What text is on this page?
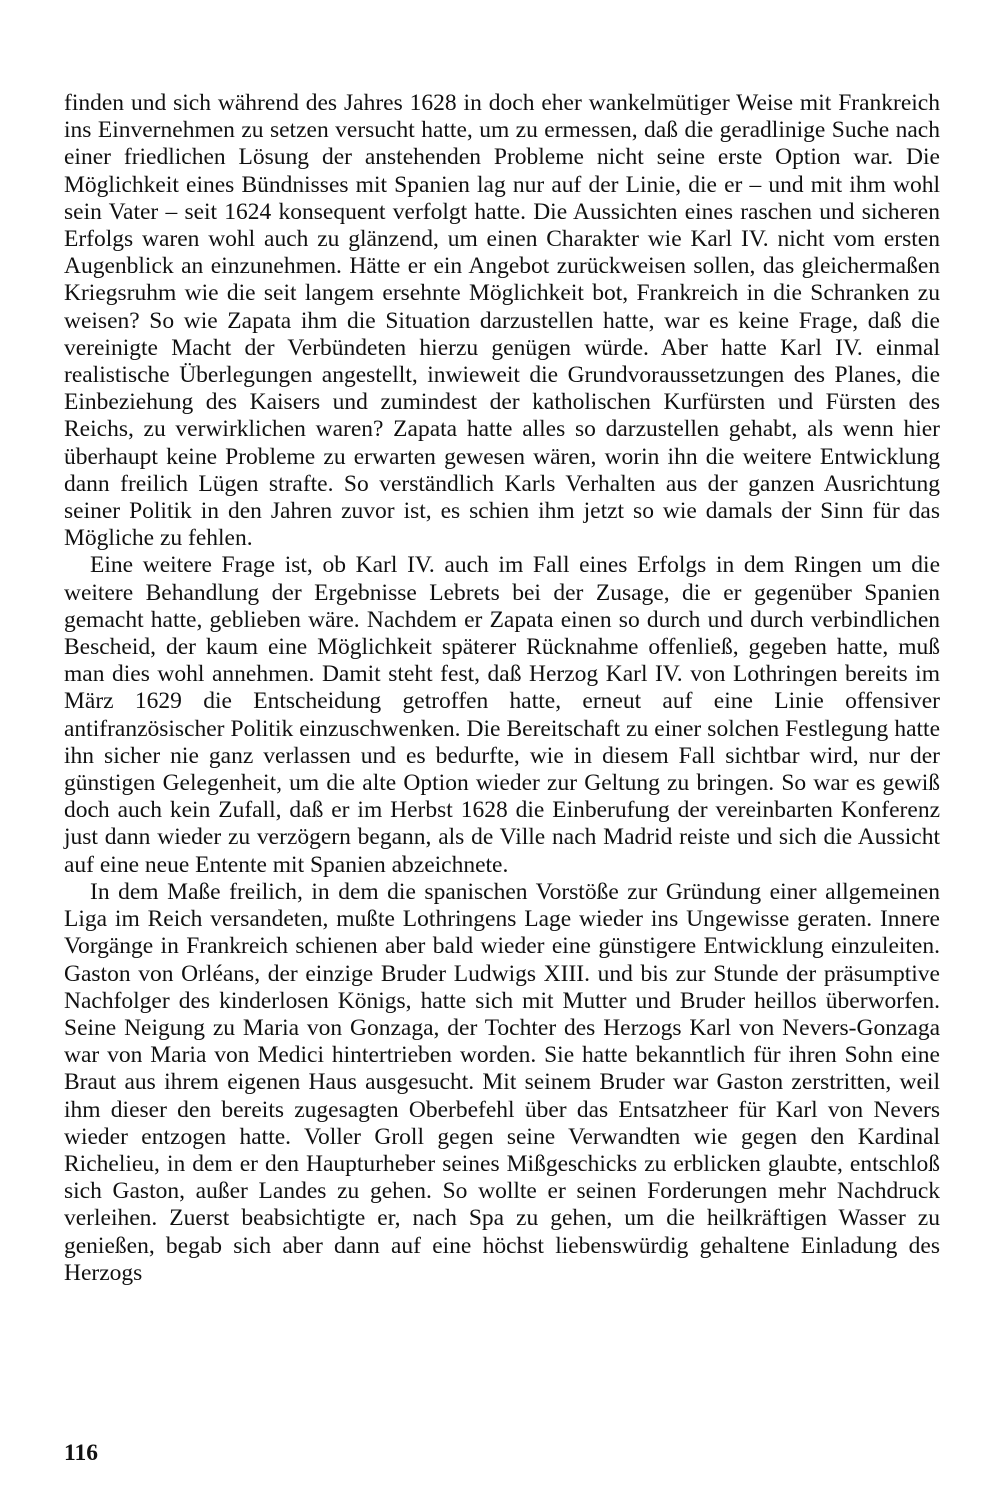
finden und sich während des Jahres 1628 in doch eher wankelmütiger Weise mit Frankreich ins Einvernehmen zu setzen versucht hatte, um zu ermessen, daß die geradlinige Suche nach einer friedlichen Lösung der anstehenden Probleme nicht seine erste Option war. Die Möglichkeit eines Bündnisses mit Spanien lag nur auf der Linie, die er – und mit ihm wohl sein Vater – seit 1624 konsequent verfolgt hatte. Die Aussichten eines raschen und sicheren Erfolgs waren wohl auch zu glänzend, um einen Charakter wie Karl IV. nicht vom ersten Augenblick an einzunehmen. Hätte er ein Angebot zurückweisen sollen, das gleichermaßen Kriegsruhm wie die seit langem ersehnte Möglichkeit bot, Frankreich in die Schranken zu weisen? So wie Zapata ihm die Situation darzustellen hatte, war es keine Frage, daß die vereinigte Macht der Verbündeten hierzu genügen würde. Aber hatte Karl IV. einmal realistische Überlegungen angestellt, inwieweit die Grundvoraussetzungen des Planes, die Einbeziehung des Kaisers und zumindest der katholischen Kurfürsten und Fürsten des Reichs, zu verwirklichen waren? Zapata hatte alles so darzustellen gehabt, als wenn hier überhaupt keine Probleme zu erwarten gewesen wären, worin ihn die weitere Entwicklung dann freilich Lügen strafte. So verständlich Karls Verhalten aus der ganzen Ausrichtung seiner Politik in den Jahren zuvor ist, es schien ihm jetzt so wie damals der Sinn für das Mögliche zu fehlen.

Eine weitere Frage ist, ob Karl IV. auch im Fall eines Erfolgs in dem Ringen um die weitere Behandlung der Ergebnisse Lebrets bei der Zusage, die er gegenüber Spanien gemacht hatte, geblieben wäre. Nachdem er Zapata einen so durch und durch verbindlichen Bescheid, der kaum eine Möglichkeit späterer Rücknahme offenließ, gegeben hatte, muß man dies wohl annehmen. Damit steht fest, daß Herzog Karl IV. von Lothringen bereits im März 1629 die Entscheidung getroffen hatte, erneut auf eine Linie offensiver antifranzösischer Politik einzuschwenken. Die Bereitschaft zu einer solchen Festlegung hatte ihn sicher nie ganz verlassen und es bedurfte, wie in diesem Fall sichtbar wird, nur der günstigen Gelegenheit, um die alte Option wieder zur Geltung zu bringen. So war es gewiß doch auch kein Zufall, daß er im Herbst 1628 die Einberufung der vereinbarten Konferenz just dann wieder zu verzögern begann, als de Ville nach Madrid reiste und sich die Aussicht auf eine neue Entente mit Spanien abzeichnete.

In dem Maße freilich, in dem die spanischen Vorstöße zur Gründung einer allgemeinen Liga im Reich versandeten, mußte Lothringens Lage wieder ins Ungewisse geraten. Innere Vorgänge in Frankreich schienen aber bald wieder eine günstigere Entwicklung einzuleiten. Gaston von Orléans, der einzige Bruder Ludwigs XIII. und bis zur Stunde der präsumptive Nachfolger des kinderlosen Königs, hatte sich mit Mutter und Bruder heillos überworfen. Seine Neigung zu Maria von Gonzaga, der Tochter des Herzogs Karl von Nevers-Gonzaga war von Maria von Medici hintertrieben worden. Sie hatte bekanntlich für ihren Sohn eine Braut aus ihrem eigenen Haus ausgesucht. Mit seinem Bruder war Gaston zerstritten, weil ihm dieser den bereits zugesagten Oberbefehl über das Entsatzheer für Karl von Nevers wieder entzogen hatte. Voller Groll gegen seine Verwandten wie gegen den Kardinal Richelieu, in dem er den Haupturheber seines Mißgeschicks zu erblicken glaubte, entschloß sich Gaston, außer Landes zu gehen. So wollte er seinen Forderungen mehr Nachdruck verleihen. Zuerst beabsichtigte er, nach Spa zu gehen, um die heilkräftigen Wasser zu genießen, begab sich aber dann auf eine höchst liebenswürdig gehaltene Einladung des Herzogs

116
